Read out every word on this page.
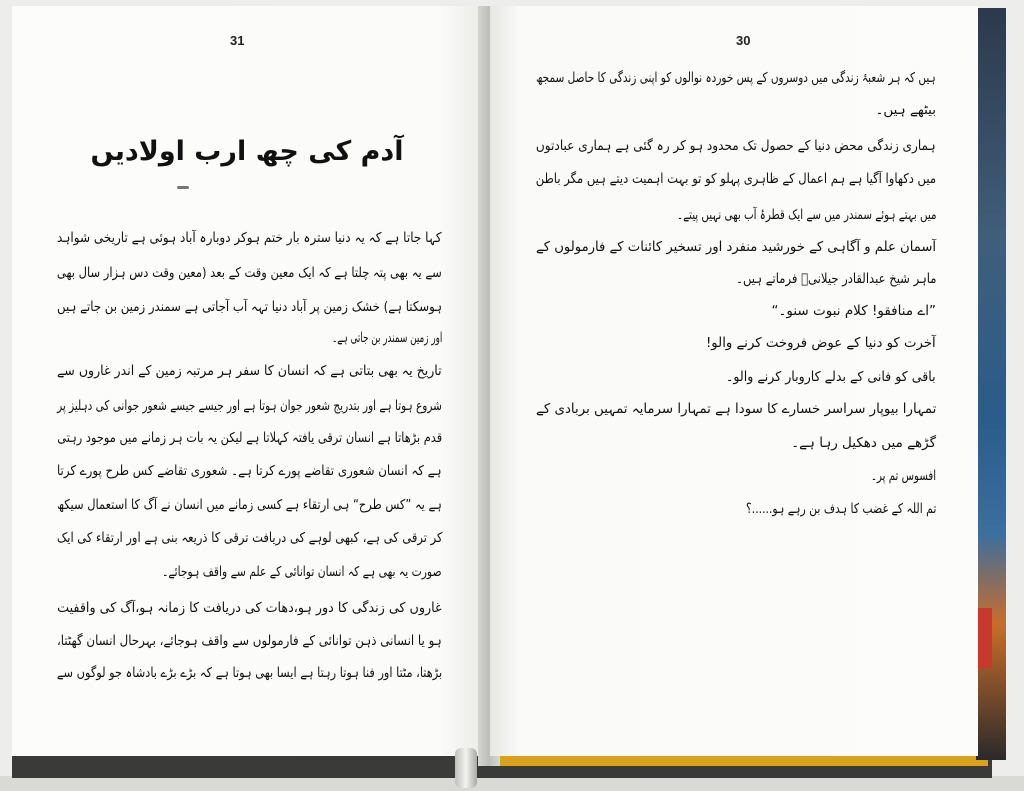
31
آدم کی چھ ارب اولادیں
کہا جاتا ہے کہ یہ دنیا سترہ بار ختم ہوکر دوبارہ آباد ہوئی ہے تاریخی شواہد
سے یہ بھی پتہ چلتا ہے کہ ایک معین وقت کے بعد (معین وقت دس ہزار سال بھی
ہوسکتا ہے) خشک زمین پر آباد دنیا تہہ آب آجاتی ہے سمندر زمین بن جاتے ہیں
اور زمین سمندر بن جاتی ہے۔
تاریخ یہ بھی بتاتی ہے کہ انسان کا سفر ہر مرتبہ زمین کے اندر غاروں سے
شروع ہوتا ہے اور بتدریج شعور جوان ہوتا ہے اور جیسے جیسے شعور جوانی کی دہلیز پر
قدم بڑھاتا ہے انسان ترقی یافتہ کہلاتا ہے لیکن یہ بات ہر زمانے میں موجود رہتی
ہے کہ انسان شعوری تقاضے پورے کرتا ہے۔ شعوری تقاضے کس طرح پورے کرتا
ہے یہ ”کس طرح“ ہی ارتقاء ہے کسی زمانے میں انسان نے آگ کا استعمال سیکھ
کر ترقی کی ہے، کبھی لوہے کی دریافت ترقی کا ذریعہ بنی ہے اور ارتقاء کی ایک
صورت یہ بھی ہے کہ انسان توانائی کے علم سے واقف ہوجائے۔
غاروں کی زندگی کا دور ہو،دھات کی دریافت کا زمانہ ہو،آگ کی واقفیت
ہو یا انسانی ذہن توانائی کے فارمولوں سے واقف ہوجائے، بہرحال انسان گھٹتا،
بڑھتا، مٹتا اور فنا ہوتا رہتا ہے ایسا بھی ہوتا ہے کہ بڑے بڑے بادشاہ جو لوگوں سے
30
ہیں کہ ہر شعبۂ زندگی میں دوسروں کے پس خوردہ نوالوں کو اپنی زندگی کا حاصل سمجھ
بیٹھے ہیں۔
ہماری زندگی محض دنیا کے حصول تک محدود ہو کر رہ گئی ہے ہماری عبادتوں
میں دکھاوا آگیا ہے ہم اعمال کے ظاہری پہلو کو تو بہت اہمیت دیتے ہیں مگر باطن
میں بہتے ہوئے سمندر میں سے ایک قطرۂ آب بھی نہیں پیتے۔
آسمان علم و آگاہی کے خورشید منفرد اور تسخیر کائنات کے فارمولوں کے
ماہر شیخ عبدالقادر جیلانیؒ فرماتے ہیں۔
”اے منافقو! کلام نبوت سنو۔“
آخرت کو دنیا کے عوض فروخت کرنے والو!
باقی کو فانی کے بدلے کاروبار کرنے والو۔
تمہارا بیوپار سراسر خسارے کا سودا ہے تمہارا سرمایہ تمہیں بربادی کے
گڑھے میں دھکیل رہا ہے۔
افسوس تم پر۔
تم اللہ کے غضب کا ہدف بن رہے ہو......؟
